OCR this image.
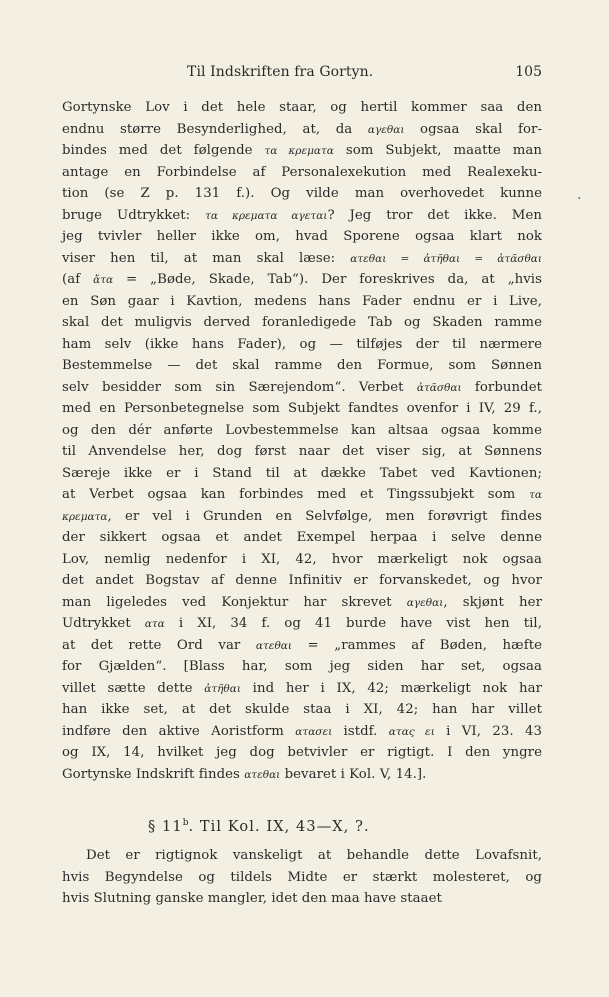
Til Indskriften fra Gortyn.	105
.
Gortynske Lov i det hele staar, og hertil kommer saa den
endnu større Besynderlighed, at, da αγεθαι ogsaa skal for-
bindes med det følgende τα κρεματα som Subjekt, maatte man
antage en Forbindelse af Personalexekution med Realexeku-
tion (se Z p. 131 f.). Og vilde man overhovedet kunne
bruge Udtrykket: τα κρεματα αγεται? Jeg tror det ikke. Men
jeg tvivler heller ikke om, hvad Sporene ogsaa klart nok
viser hen til, at man skal læse: ατεθαι = ἀτῆθαι = ἀτᾶσθαι
(af ἄτα = „Bøde, Skade, Tab“). Der foreskrives da, at „hvis
en Søn gaar i Kavtion, medens hans Fader endnu er i Live,
skal det muligvis derved foranledigede Tab og Skaden ramme
ham selv (ikke hans Fader), og — tilføjes der til nærmere
Bestemmelse — det skal ramme den Formue, som Sønnen
selv besidder som sin Særejendom“. Verbet ἀτᾶσθαι forbundet
med en Personbetegnelse som Subjekt fandtes ovenfor i IV, 29 f.,
og den dér anførte Lovbestemmelse kan altsaa ogsaa komme
til Anvendelse her, dog først naar det viser sig, at Sønnens
Særeje ikke er i Stand til at dække Tabet ved Kavtionen;
at Verbet ogsaa kan forbindes med et Tingssubjekt som τα
κρεματα, er vel i Grunden en Selvfølge, men forøvrigt findes
der sikkert ogsaa et andet Exempel herpaa i selve denne
Lov, nemlig nedenfor i XI, 42, hvor mærkeligt nok ogsaa
det andet Bogstav af denne Infinitiv er forvanskedet, og hvor
man ligeledes ved Konjektur har skrevet αγεθαι, skjønt her
Udtrykket ατα i XI, 34 f. og 41 burde have vist hen til,
at det rette Ord var ατεθαι = „rammes af Bøden, hæfte
for Gjælden“. [Blass har, som jeg siden har set, ogsaa
villet sætte dette ἀτῆθαι ind her i IX, 42; mærkeligt nok har
han ikke set, at det skulde staa i XI, 42; han har villet
indføre den aktive Aoristform ατασει istdf. ατας ει i VI, 23. 43
og IX, 14, hvilket jeg dog betvivler er rigtigt. I den yngre
Gortynske Indskrift findes ατεθαι bevaret i Kol. V, 14.].
§ 11$^b$. Til Kol. IX, 43—X, ?.
Det er rigtignok vanskeligt at behandle dette Lovafsnit,
hvis Begyndelse og tildels Midte er stærkt molesteret, og
hvis Slutning ganske mangler, idet den maa have staaet
